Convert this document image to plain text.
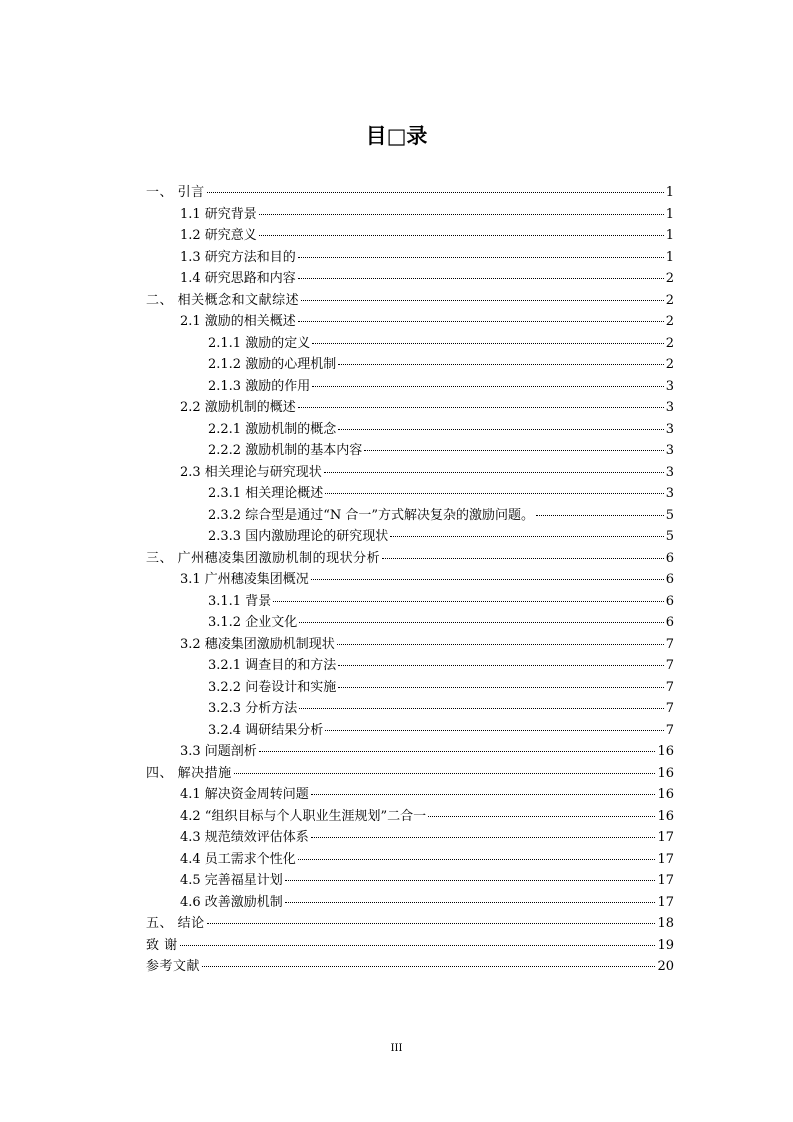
目□录
一、 引言	1
1.1 研究背景	1
1.2 研究意义	1
1.3 研究方法和目的	1
1.4 研究思路和内容	2
二、 相关概念和文献综述	2
2.1 激励的相关概述	2
2.1.1 激励的定义	2
2.1.2 激励的心理机制	2
2.1.3 激励的作用	3
2.2 激励机制的概述	3
2.2.1 激励机制的概念	3
2.2.2 激励机制的基本内容	3
2.3 相关理论与研究现状	3
2.3.1 相关理论概述	3
2.3.2 综合型是通过“N 合一”方式解决复杂的激励问题。	5
2.3.3 国内激励理论的研究现状	5
三、 广州穗凌集团激励机制的现状分析	6
3.1 广州穗凌集团概况	6
3.1.1 背景	6
3.1.2 企业文化	6
3.2 穗凌集团激励机制现状	7
3.2.1 调查目的和方法	7
3.2.2 问卷设计和实施	7
3.2.3 分析方法	7
3.2.4 调研结果分析	7
3.3 问题剖析	16
四、 解决措施	16
4.1 解决资金周转问题	16
4.2 “组织目标与个人职业生涯规划”二合一	16
4.3 规范绩效评估体系	17
4.4 员工需求个性化	17
4.5 完善福星计划	17
4.6 改善激励机制	17
五、 结论	18
致 谢	19
参考文献	20
III
